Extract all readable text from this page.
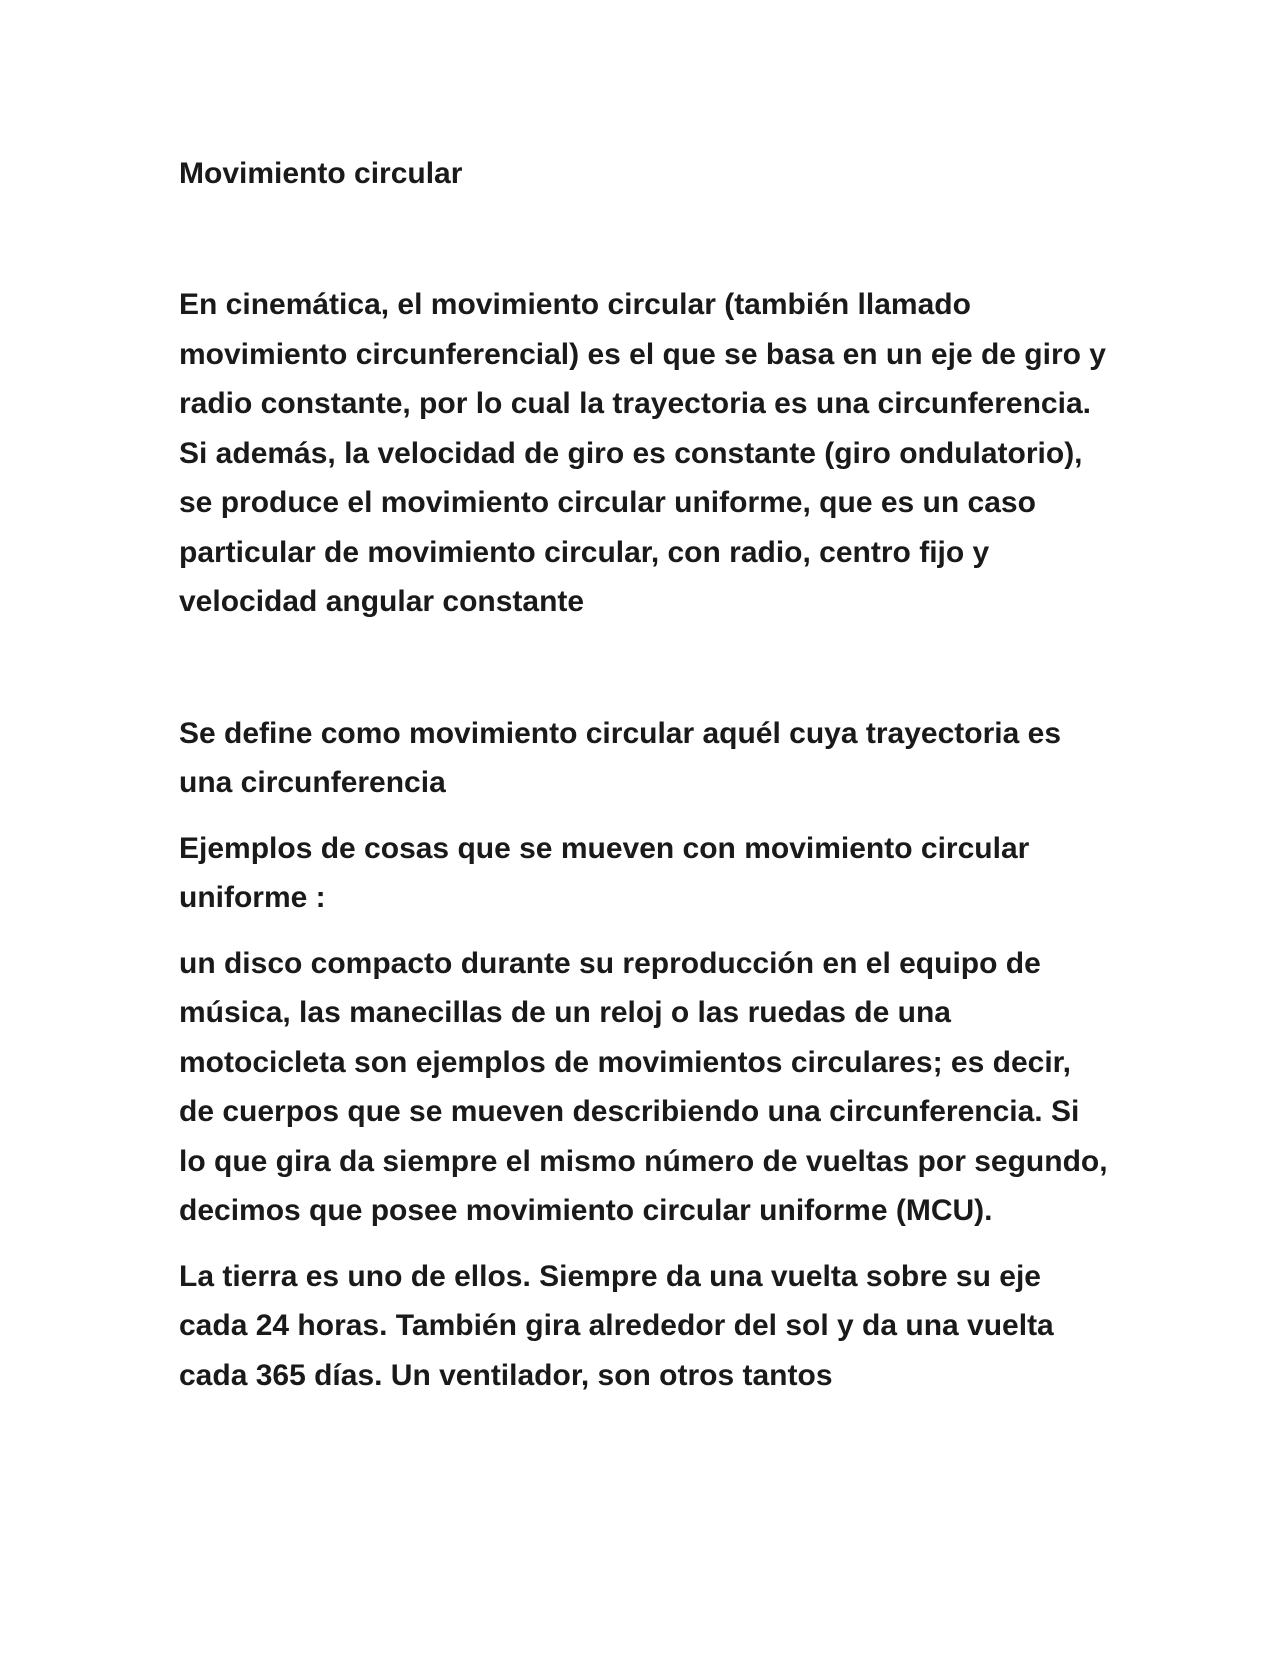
Movimiento circular

En cinemática, el movimiento circular (también llamado movimiento circunferencial) es el que se basa en un eje de giro y radio constante, por lo cual la trayectoria es una circunferencia. Si además, la velocidad de giro es constante (giro ondulatorio), se produce el movimiento circular uniforme, que es un caso particular de movimiento circular, con radio, centro fijo y velocidad angular constante

Se define como movimiento circular aquél cuya trayectoria es una circunferencia

Ejemplos de cosas que se mueven con movimiento circular uniforme :

un disco compacto durante su reproducción en el equipo de música, las manecillas de un reloj o las ruedas de una motocicleta son ejemplos de movimientos circulares; es decir, de cuerpos que se mueven describiendo una circunferencia. Si lo que gira da siempre el mismo número de vueltas por segundo, decimos que posee movimiento circular uniforme (MCU).

La tierra es uno de ellos. Siempre da una vuelta sobre su eje cada 24 horas. También gira alrededor del sol y da una vuelta cada 365 días. Un ventilador, son otros tantos
